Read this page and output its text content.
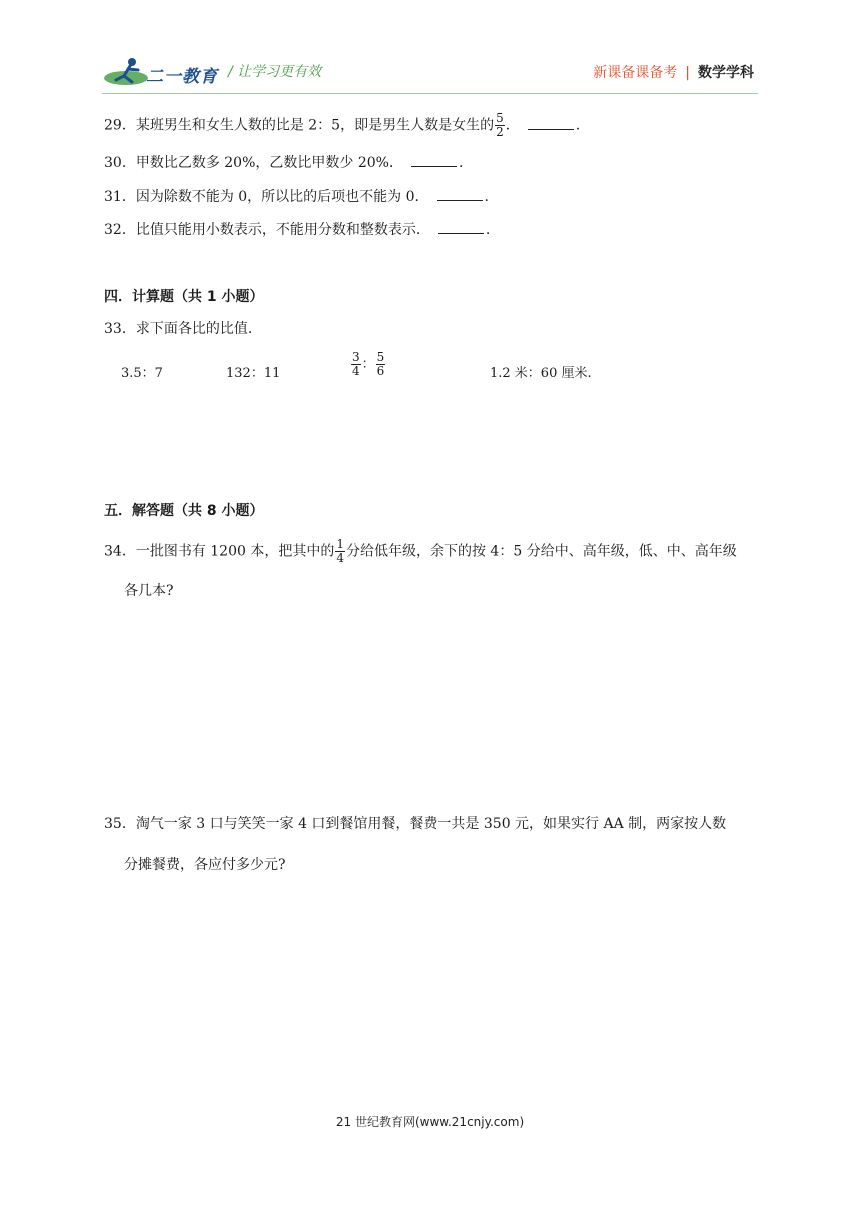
二一教育 / 让学习更有效	新课备课备考 | 数学学科
29．某班男生和女生人数的比是 2：5，即是男生人数是女生的 $\frac{5}{2}$ ．	.
30．甲数比乙数多 20%，乙数比甲数少 20%．	.
31．因为除数不能为 0，所以比的后项也不能为 0．	.
32．比值只能用小数表示，不能用分数和整数表示．	.
四．计算题（共 1 小题）
33．求下面各比的比值.
3.5：7	132：11	$\frac{3}{4}$ ： $\frac{5}{6}$	1.2 米：60 厘米.
五．解答题（共 8 小题）
34．一批图书有 1200 本，把其中的 $\frac{1}{4}$ 分给低年级，余下的按 4：5 分给中、高年级，低、中、高年级
各几本?
35．淘气一家 3 口与笑笑一家 4 口到餐馆用餐，餐费一共是 350 元，如果实行 AA 制，两家按人数
分摊餐费，各应付多少元?
21 世纪教育网(www.21cnjy.com)
